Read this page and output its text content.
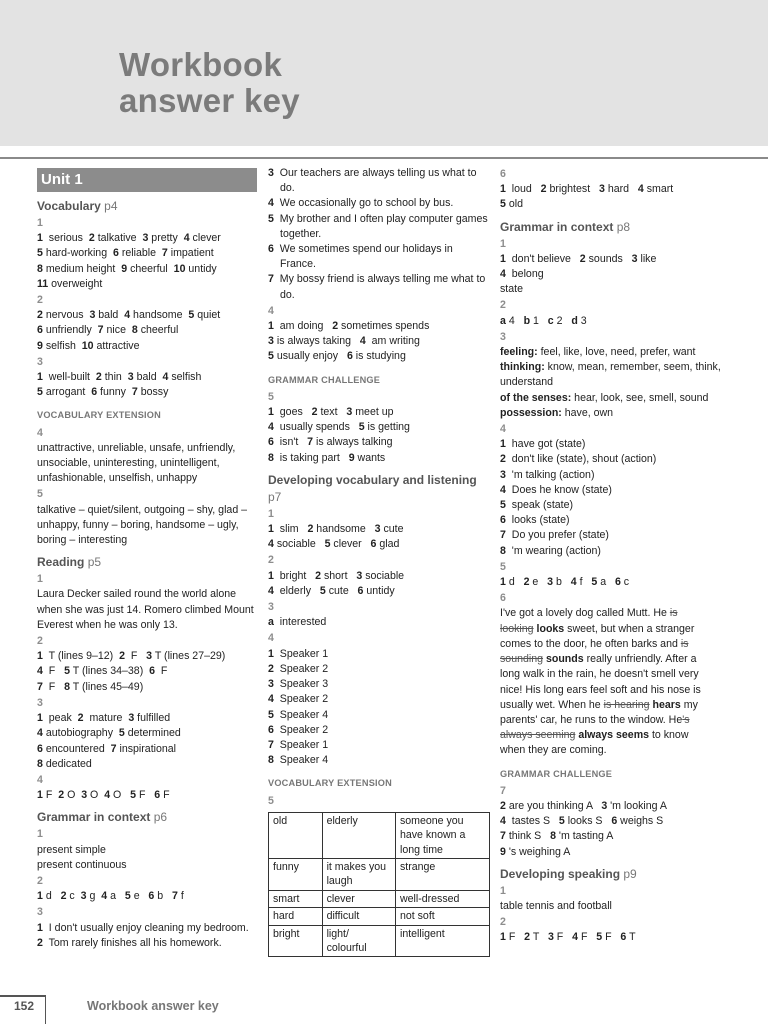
Workbook
answer key
Unit 1
Vocabulary p4
1

1  serious  2 talkative  3 pretty  4 clever

5 hard-working  6 reliable  7 impatient

8 medium height  9 cheerful  10 untidy

11 overweight

2

2 nervous  3 bald  4 handsome  5 quiet

6 unfriendly  7 nice  8 cheerful

9 selfish  10 attractive

3

1  well-built  2 thin  3 bald  4 selfish

5 arrogant  6 funny  7 bossy

VOCABULARY EXTENSION
4

unattractive, unreliable, unsafe, unfriendly, unsociable, uninteresting, unintelligent, unfashionable, unselfish, unhappy

5

talkative – quiet/silent, outgoing – shy, glad – unhappy, funny – boring, handsome – ugly, boring – interesting

Reading p5
1

Laura Decker sailed round the world alone when she was just 14. Romero climbed Mount Everest when he was only 13.

2

1  T (lines 9–12)  2  F   3 T (lines 27–29)

4  F   5 T (lines 34–38)  6  F

7  F   8 T (lines 45–49)

3

1  peak  2  mature  3 fulfilled

4 autobiography  5 determined

6 encountered  7 inspirational

8 dedicated

4

1 F  2 O  3 O  4 O   5 F   6 F

Grammar in context p6
1

present simple

present continuous

2

1 d   2 c  3 g  4 a   5 e   6 b   7 f

3

1  I don't usually enjoy cleaning my bedroom.

2  Tom rarely finishes all his homework.

3  Our teachers are always telling us what to do.

4  We occasionally go to school by bus.

5  My brother and I often play computer games together.

6  We sometimes spend our holidays in France.

7  My bossy friend is always telling me what to do.

4

1  am doing   2 sometimes spends

3 is always taking   4  am writing

5 usually enjoy   6 is studying

GRAMMAR CHALLENGE
5

1  goes   2 text   3 meet up

4  usually spends   5 is getting

6  isn't   7 is always talking

8  is taking part   9 wants

Developing vocabulary and listening p7
1

1  slim   2 handsome   3 cute

4 sociable   5 clever   6 glad

2

1  bright   2 short   3 sociable

4  elderly   5 cute   6 untidy

3

a  interested

4

1  Speaker 1

2  Speaker 2

3  Speaker 3

4  Speaker 2

5  Speaker 4

6  Speaker 2

7  Speaker 1

8  Speaker 4

VOCABULARY EXTENSION
5
old	elderly	someone you have known a long time
funny	it makes you laugh	strange
smart	clever	well-dressed
hard	difficult	not soft
bright	light/ colourful	intelligent
6

1  loud   2 brightest   3 hard   4 smart

5 old

Grammar in context p8
1

1  don't believe   2 sounds   3 like

4  belong

state

2

a 4   b 1   c 2   d 3

3

feeling: feel, like, love, need, prefer, want

thinking: know, mean, remember, seem, think, understand

of the senses: hear, look, see, smell, sound

possession: have, own

4

1  have got (state)

2  don't like (state), shout (action)

3  'm talking (action)

4  Does he know (state)

5  speak (state)

6  looks (state)

7  Do you prefer (state)

8  'm wearing (action)

5

1 d   2 e   3 b   4 f   5 a   6 c

6

I've got a lovely dog called Mutt. He is looking looks sweet, but when a stranger comes to the door, he often barks and is sounding sounds really unfriendly. After a long walk in the rain, he doesn't smell very nice! His long ears feel soft and his nose is usually wet. When he is hearing hears my parents' car, he runs to the window. He's always seeming always seems to know when they are coming.

GRAMMAR CHALLENGE
7

2 are you thinking A   3 'm looking A

4  tastes S   5 looks S   6 weighs S

7 think S   8 'm tasting A

9 's weighing A

Developing speaking p9
1

table tennis and football

2

1 F   2 T   3 F   4 F   5 F   6 T

152	Workbook answer key
